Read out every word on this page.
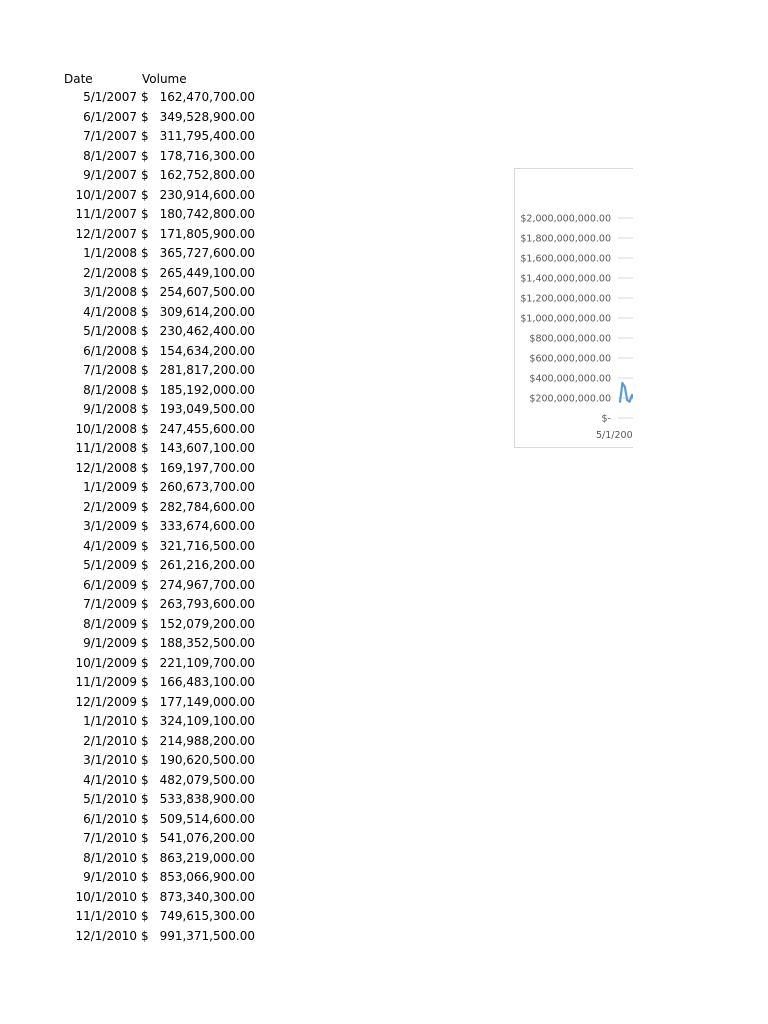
Date	Volume
5/1/2007 $ 162,470,700.00
6/1/2007 $ 349,528,900.00
7/1/2007 $ 311,795,400.00
8/1/2007 $ 178,716,300.00
9/1/2007 $ 162,752,800.00
10/1/2007 $ 230,914,600.00
11/1/2007 $ 180,742,800.00
12/1/2007 $ 171,805,900.00
1/1/2008 $ 365,727,600.00
2/1/2008 $ 265,449,100.00
3/1/2008 $ 254,607,500.00
4/1/2008 $ 309,614,200.00
5/1/2008 $ 230,462,400.00
6/1/2008 $ 154,634,200.00
7/1/2008 $ 281,817,200.00
8/1/2008 $ 185,192,000.00
9/1/2008 $ 193,049,500.00
10/1/2008 $ 247,455,600.00
11/1/2008 $ 143,607,100.00
12/1/2008 $ 169,197,700.00
1/1/2009 $ 260,673,700.00
2/1/2009 $ 282,784,600.00
3/1/2009 $ 333,674,600.00
4/1/2009 $ 321,716,500.00
5/1/2009 $ 261,216,200.00
6/1/2009 $ 274,967,700.00
7/1/2009 $ 263,793,600.00
8/1/2009 $ 152,079,200.00
9/1/2009 $ 188,352,500.00
10/1/2009 $ 221,109,700.00
11/1/2009 $ 166,483,100.00
12/1/2009 $ 177,149,000.00
1/1/2010 $ 324,109,100.00
2/1/2010 $ 214,988,200.00
3/1/2010 $ 190,620,500.00
4/1/2010 $ 482,079,500.00
5/1/2010 $ 533,838,900.00
6/1/2010 $ 509,514,600.00
7/1/2010 $ 541,076,200.00
8/1/2010 $ 863,219,000.00
9/1/2010 $ 853,066,900.00
10/1/2010 $ 873,340,300.00
11/1/2010 $ 749,615,300.00
12/1/2010 $ 991,371,500.00
$2,000,000,000.00
$1,800,000,000.00
$1,600,000,000.00
$1,400,000,000.00
$1,200,000,000.00
$1,000,000,000.00
$800,000,000.00
$600,000,000.00
$400,000,000.00
$200,000,000.00
$-
5/1/200
